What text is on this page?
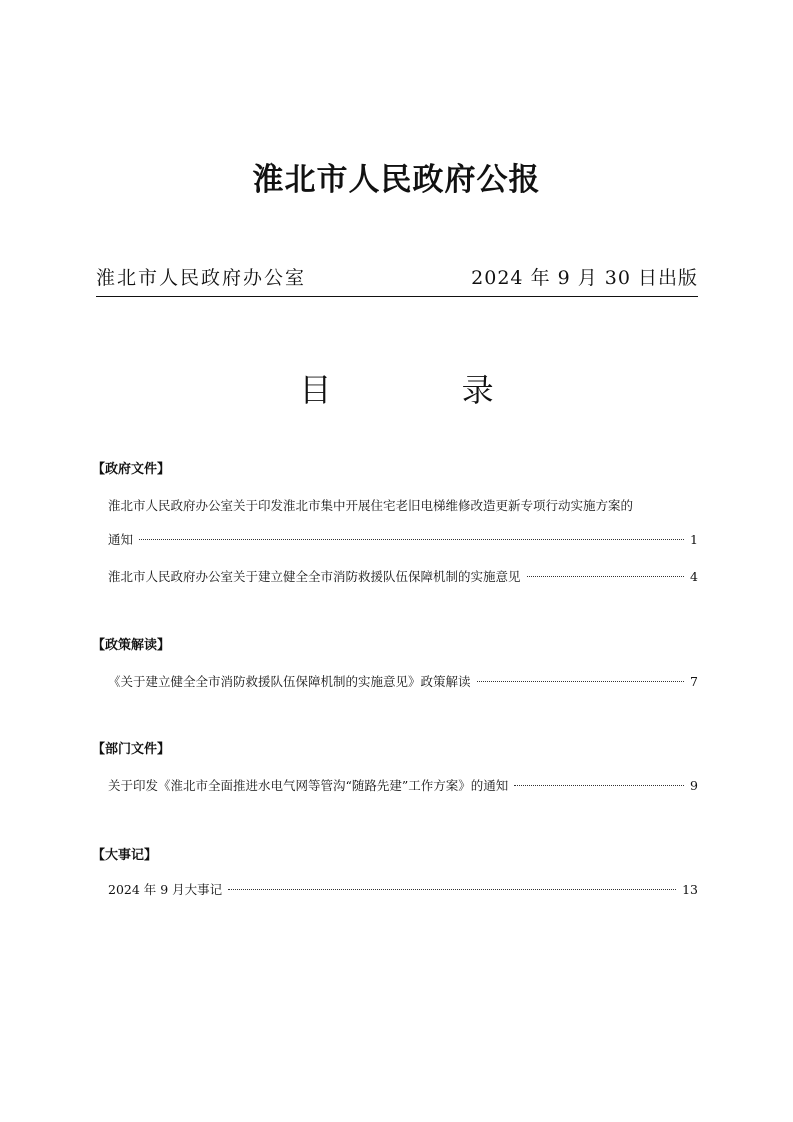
淮北市人民政府公报
淮北市人民政府办公室	2024 年 9 月 30 日出版
目 录
【政府文件】
淮北市人民政府办公室关于印发淮北市集中开展住宅老旧电梯维修改造更新专项行动实施方案的
通知	1
淮北市人民政府办公室关于建立健全全市消防救援队伍保障机制的实施意见	4
【政策解读】
《关于建立健全全市消防救援队伍保障机制的实施意见》政策解读	7
【部门文件】
关于印发《淮北市全面推进水电气网等管沟“随路先建”工作方案》的通知	9
【大事记】
2024 年 9 月大事记	13
